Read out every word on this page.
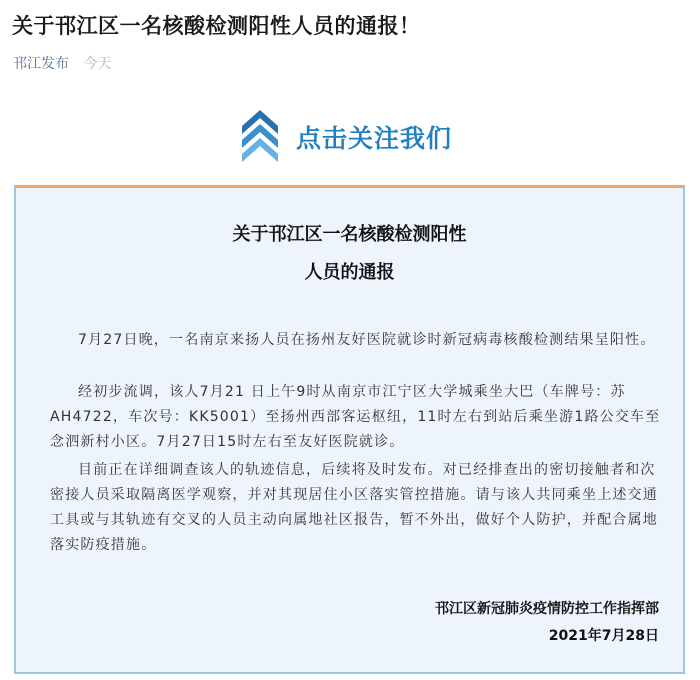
关于邗江区一名核酸检测阳性人员的通报！
邗江发布 今天
点击关注我们
关于邗江区一名核酸检测阳性
人员的通报

7月27日晚，一名南京来扬人员在扬州友好医院就诊时新冠病毒核酸检测结果呈阳性。

经初步流调，该人7月21 日上午9时从南京市江宁区大学城乘坐大巴（车牌号：苏AH4722，车次号：KK5001）至扬州西部客运枢纽，11时左右到站后乘坐游1路公交车至念泗新村小区。7月27日15时左右至友好医院就诊。

目前正在详细调查该人的轨迹信息，后续将及时发布。对已经排查出的密切接触者和次密接人员采取隔离医学观察，并对其现居住小区落实管控措施。请与该人共同乘坐上述交通工具或与其轨迹有交叉的人员主动向属地社区报告，暂不外出，做好个人防护，并配合属地落实防疫措施。

邗江区新冠肺炎疫情防控工作指挥部
2021年7月28日
